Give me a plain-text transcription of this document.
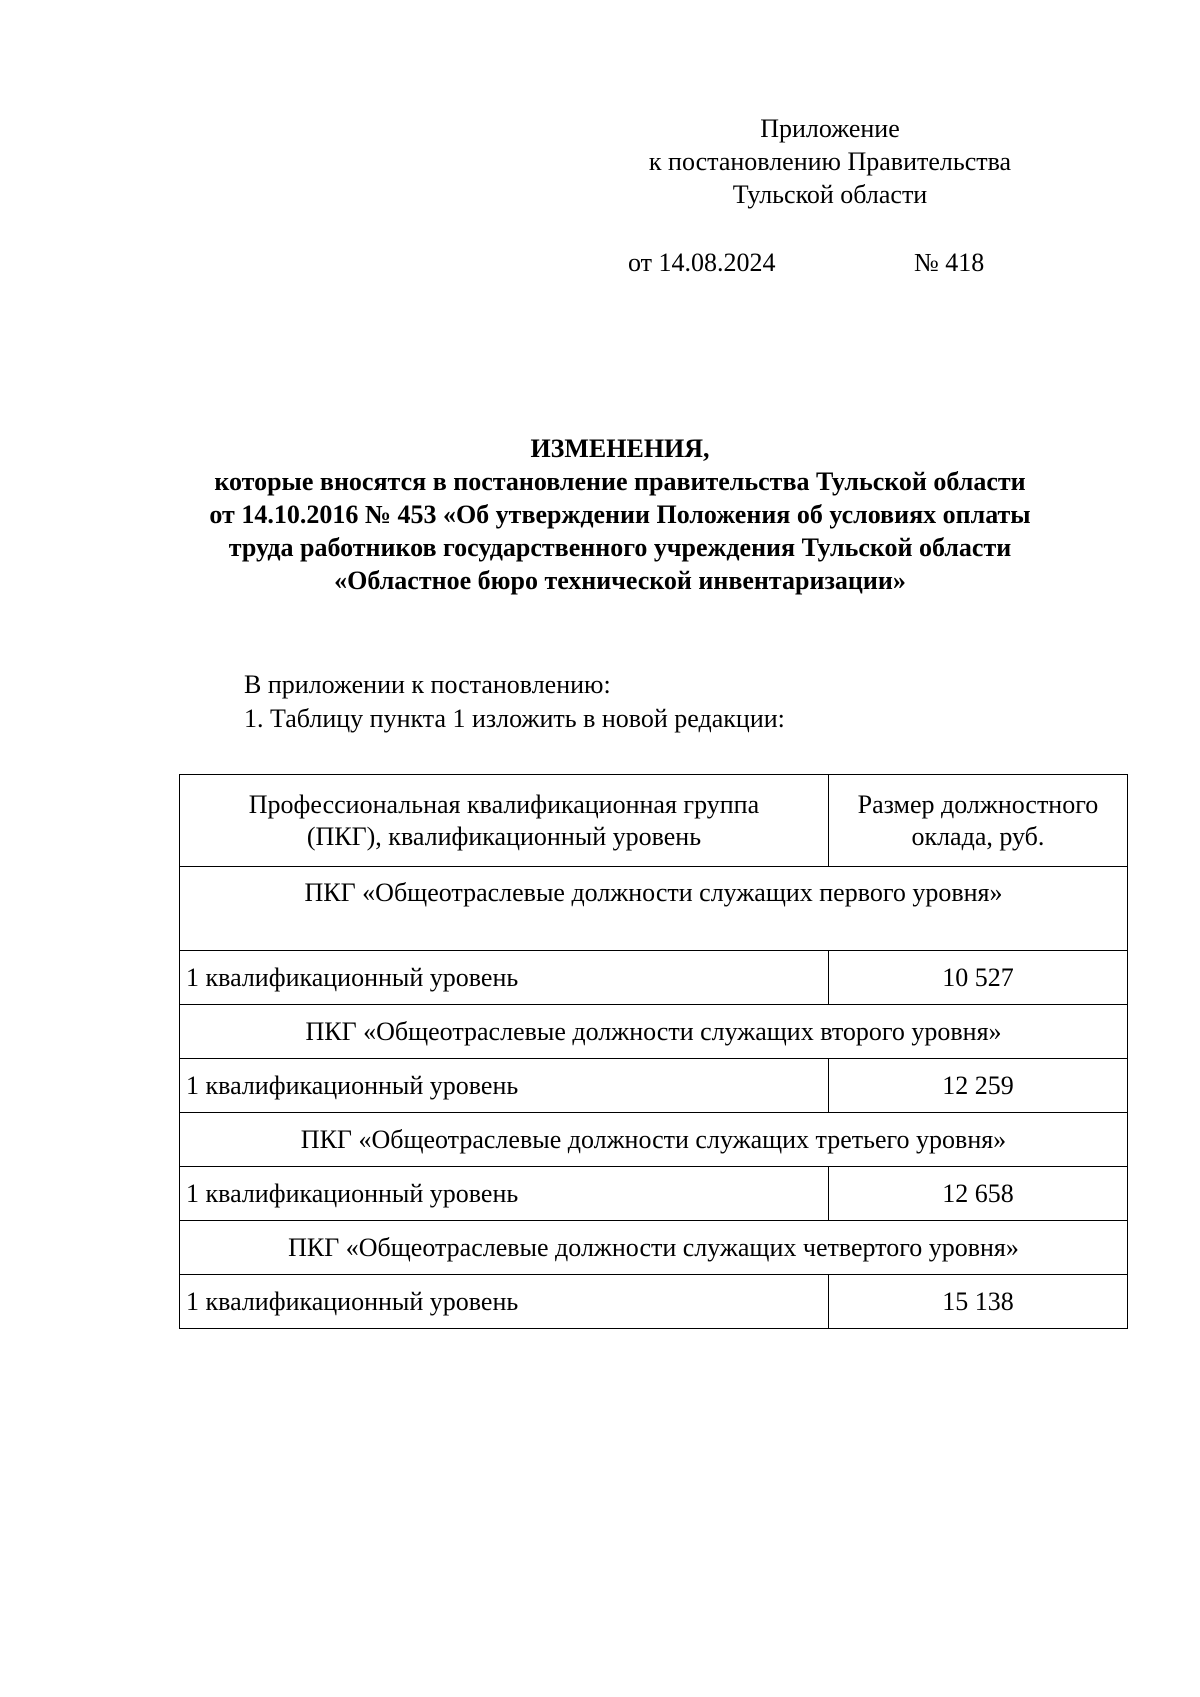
Приложение
к постановлению Правительства
Тульской области
от 14.08.2024	№ 418
ИЗМЕНЕНИЯ,
которые вносятся в постановление правительства Тульской области
от 14.10.2016 № 453 «Об утверждении Положения об условиях оплаты
труда работников государственного учреждения Тульской области
«Областное бюро технической инвентаризации»
В приложении к постановлению:
1. Таблицу пункта 1 изложить в новой редакции:
Профессиональная квалификационная группа
(ПКГ), квалификационный уровень	Размер должностного
оклада, руб.
ПКГ «Общеотраслевые должности служащих первого уровня»	
1 квалификационный уровень	10 527
ПКГ «Общеотраслевые должности служащих второго уровня»	
1 квалификационный уровень	12 259
ПКГ «Общеотраслевые должности служащих третьего уровня»	
1 квалификационный уровень	12 658
ПКГ «Общеотраслевые должности служащих четвертого уровня»	
1 квалификационный уровень	15 138
